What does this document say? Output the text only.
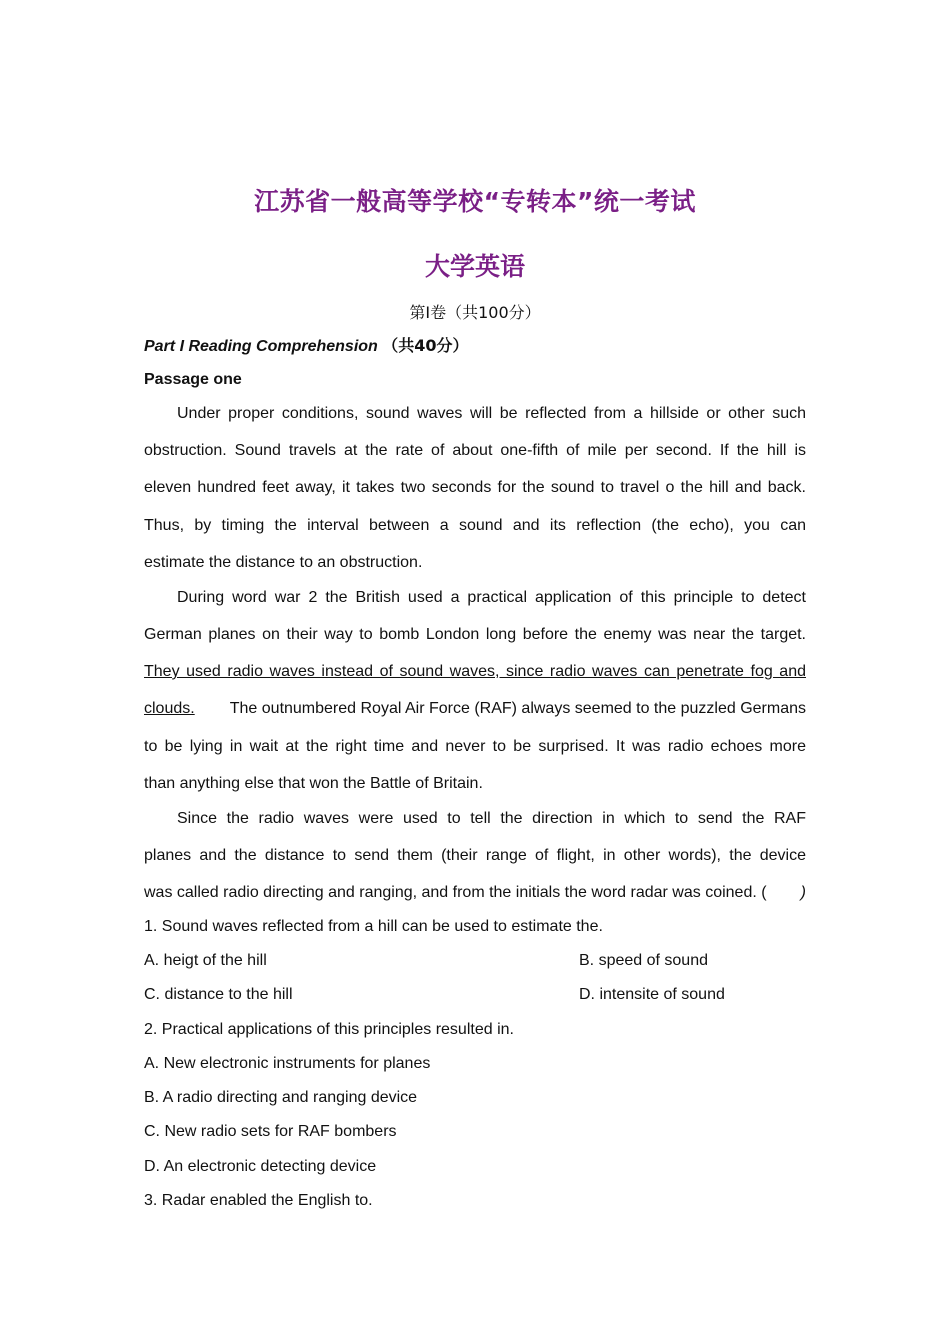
江苏省一般高等学校“专转本”统一考试
大学英语
第Ⅰ卷（共100分）
Part I Reading Comprehension （共40分）
Passage one
Under proper conditions, sound waves will be reflected from a hillside or other such
obstruction. Sound travels at the rate of about one-fifth of mile per second. If the hill is
eleven hundred feet away, it takes two seconds for the sound to travel o the hill and back.
Thus, by timing the interval between a sound and its reflection (the echo), you can
estimate the distance to an obstruction.
During word war 2 the British used a practical application of this principle to detect
German planes on their way to bomb London long before the enemy was near the target.
They used radio waves instead of sound waves, since radio waves can penetrate fog and
clouds. The outnumbered Royal Air Force (RAF) always seemed to the puzzled Germans
to be lying in wait at the right time and never to be surprised. It was radio echoes more
than anything else that won the Battle of Britain.
Since the radio waves were used to tell the direction in which to send the RAF
planes and the distance to send them (their range of flight, in other words), the device
was called radio directing and ranging, and from the initials the word radar was coined. ( )
1. Sound waves reflected from a hill can be used to estimate the.
A. heigt of the hill	B. speed of sound
C. distance to the hill	D. intensite of sound
2. Practical applications of this principles resulted in.
A. New electronic instruments for planes
B. A radio directing and ranging device
C. New radio sets for RAF bombers
D. An electronic detecting device
3. Radar enabled the English to.
